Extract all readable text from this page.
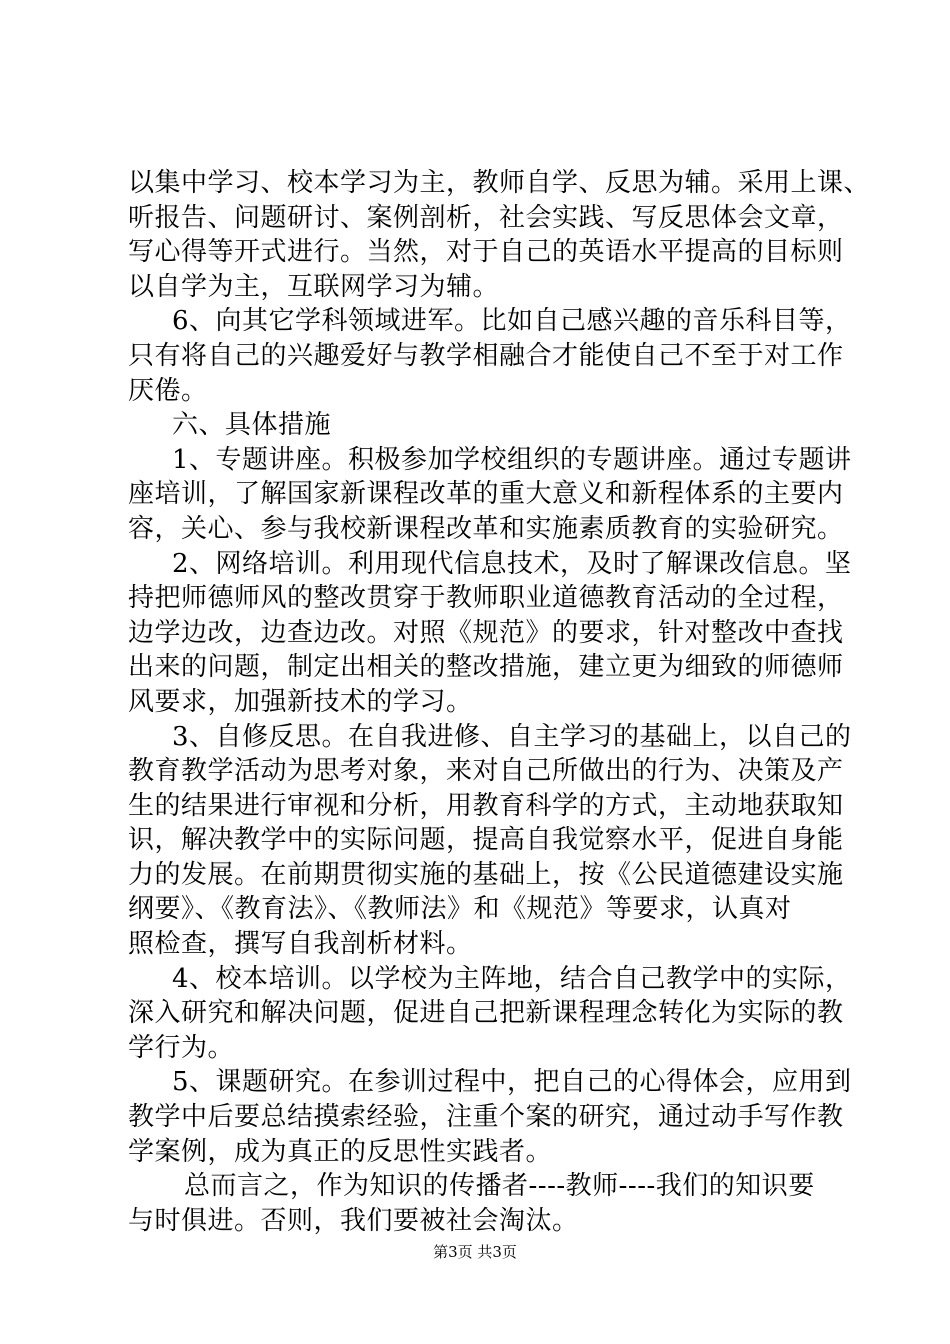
以集中学习、校本学习为主，教师自学、反思为辅。采用上课、
听报告、问题研讨、案例剖析，社会实践、写反思体会文章，
写心得等开式进行。当然，对于自己的英语水平提高的目标则
以自学为主，互联网学习为辅。
6、向其它学科领域进军。比如自己感兴趣的音乐科目等，
只有将自己的兴趣爱好与教学相融合才能使自己不至于对工作
厌倦。
六、具体措施
1、专题讲座。积极参加学校组织的专题讲座。通过专题讲
座培训，了解国家新课程改革的重大意义和新程体系的主要内
容，关心、参与我校新课程改革和实施素质教育的实验研究。
2、网络培训。利用现代信息技术，及时了解课改信息。坚
持把师德师风的整改贯穿于教师职业道德教育活动的全过程，
边学边改，边查边改。对照《规范》的要求，针对整改中查找
出来的问题，制定出相关的整改措施，建立更为细致的师德师
风要求，加强新技术的学习。
3、自修反思。在自我进修、自主学习的基础上，以自己的
教育教学活动为思考对象，来对自己所做出的行为、决策及产
生的结果进行审视和分析，用教育科学的方式，主动地获取知
识，解决教学中的实际问题，提高自我觉察水平，促进自身能
力的发展。在前期贯彻实施的基础上，按《公民道德建设实施
纲要》、《教育法》、《教师法》和《规范》等要求，认真对
照检查，撰写自我剖析材料。
4、校本培训。以学校为主阵地，结合自己教学中的实际，
深入研究和解决问题，促进自己把新课程理念转化为实际的教
学行为。
5、课题研究。在参训过程中，把自己的心得体会，应用到
教学中后要总结摸索经验，注重个案的研究，通过动手写作教
学案例，成为真正的反思性实践者。
总而言之，作为知识的传播者----教师----我们的知识要
与时俱进。否则，我们要被社会淘汰。
第3页 共3页
